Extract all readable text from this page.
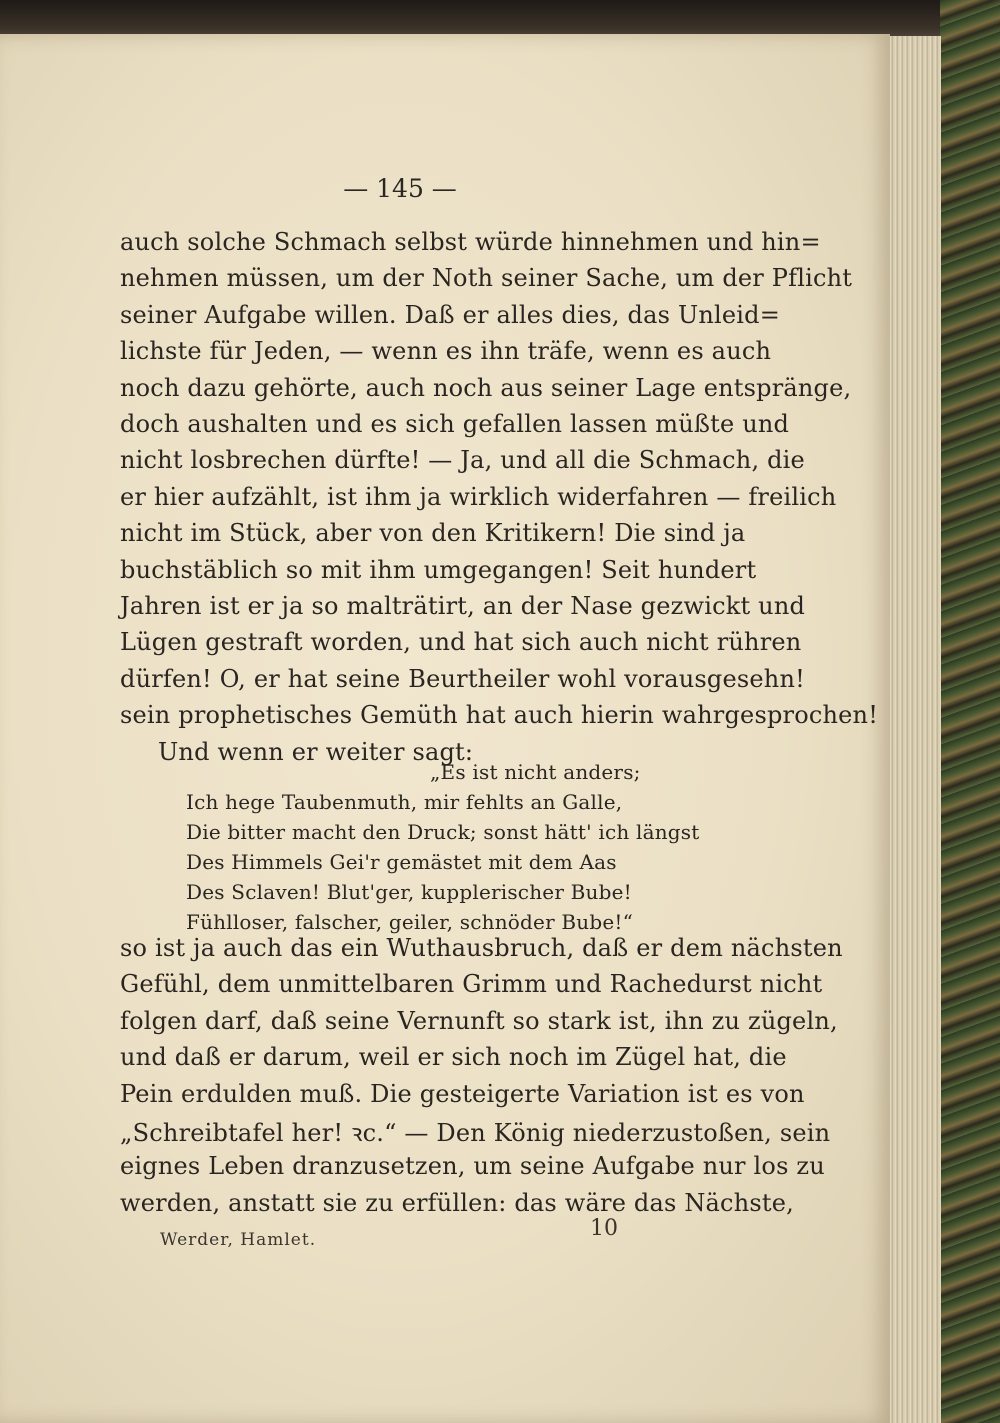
— 145 —
auch solche Schmach selbst würde hinnehmen und hin=
nehmen müssen, um der Noth seiner Sache, um der Pflicht
seiner Aufgabe willen. Daß er alles dies, das Unleid=
lichste für Jeden, — wenn es ihn träfe, wenn es auch
noch dazu gehörte, auch noch aus seiner Lage entspränge,
doch aushalten und es sich gefallen lassen müßte und
nicht losbrechen dürfte! — Ja, und all die Schmach, die
er hier aufzählt, ist ihm ja wirklich widerfahren — freilich
nicht im Stück, aber von den Kritikern! Die sind ja
buchstäblich so mit ihm umgegangen! Seit hundert
Jahren ist er ja so malträtirt, an der Nase gezwickt und
Lügen gestraft worden, und hat sich auch nicht rühren
dürfen! O, er hat seine Beurtheiler wohl vorausgesehn!
sein prophetisches Gemüth hat auch hierin wahrgesprochen!
Und wenn er weiter sagt:
„Es ist nicht anders;
Ich hege Taubenmuth, mir fehlts an Galle,
Die bitter macht den Druck; sonst hätt' ich längst
Des Himmels Gei'r gemästet mit dem Aas
Des Sclaven! Blut'ger, kupplerischer Bube!
Fühlloser, falscher, geiler, schnöder Bube!“
so ist ja auch das ein Wuthausbruch, daß er dem nächsten
Gefühl, dem unmittelbaren Grimm und Rachedurst nicht
folgen darf, daß seine Vernunft so stark ist, ihn zu zügeln,
und daß er darum, weil er sich noch im Zügel hat, die
Pein erdulden muß. Die gesteigerte Variation ist es von
„Schreibtafel her! ꝛc.“ — Den König niederzustoßen, sein
eignes Leben dranzusetzen, um seine Aufgabe nur los zu
werden, anstatt sie zu erfüllen: das wäre das Nächste,
Werder, Hamlet.	10
